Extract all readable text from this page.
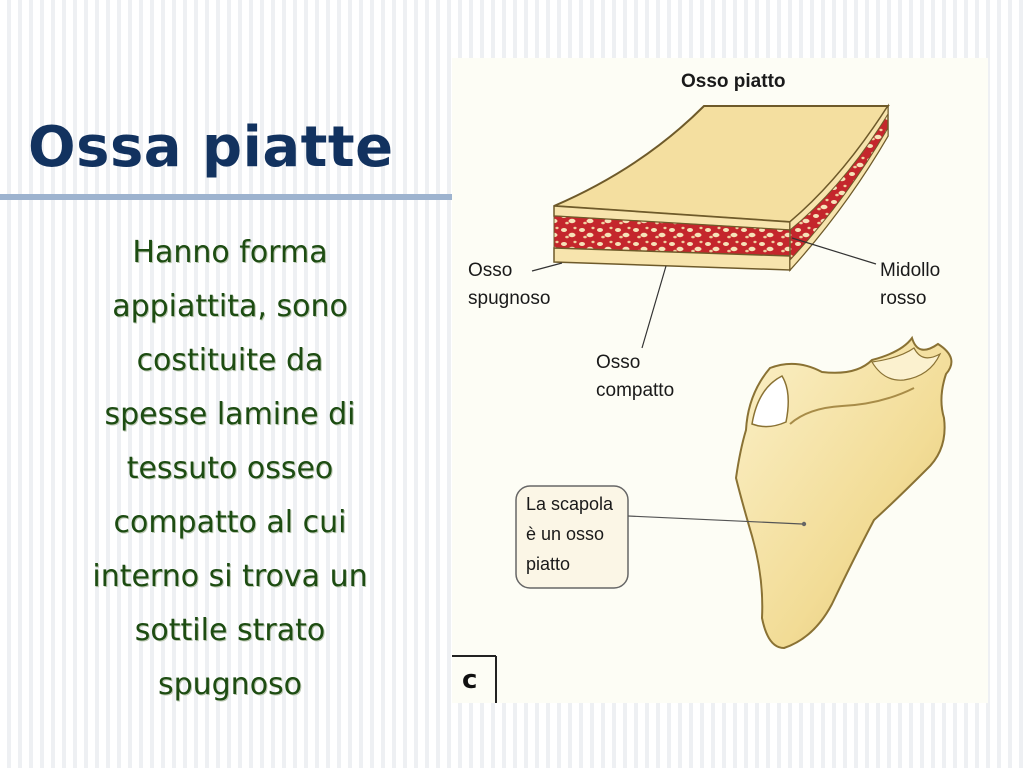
Ossa piatte

Hanno forma
appiattita, sono
costituite da
spesse lamine di
tessuto osseo
compatto al cui
interno si trova un
sottile strato
spugnoso

Osso piatto
Osso
spugnoso
Midollo
rosso
Osso
compatto
La scapola
è un osso
piatto
c
